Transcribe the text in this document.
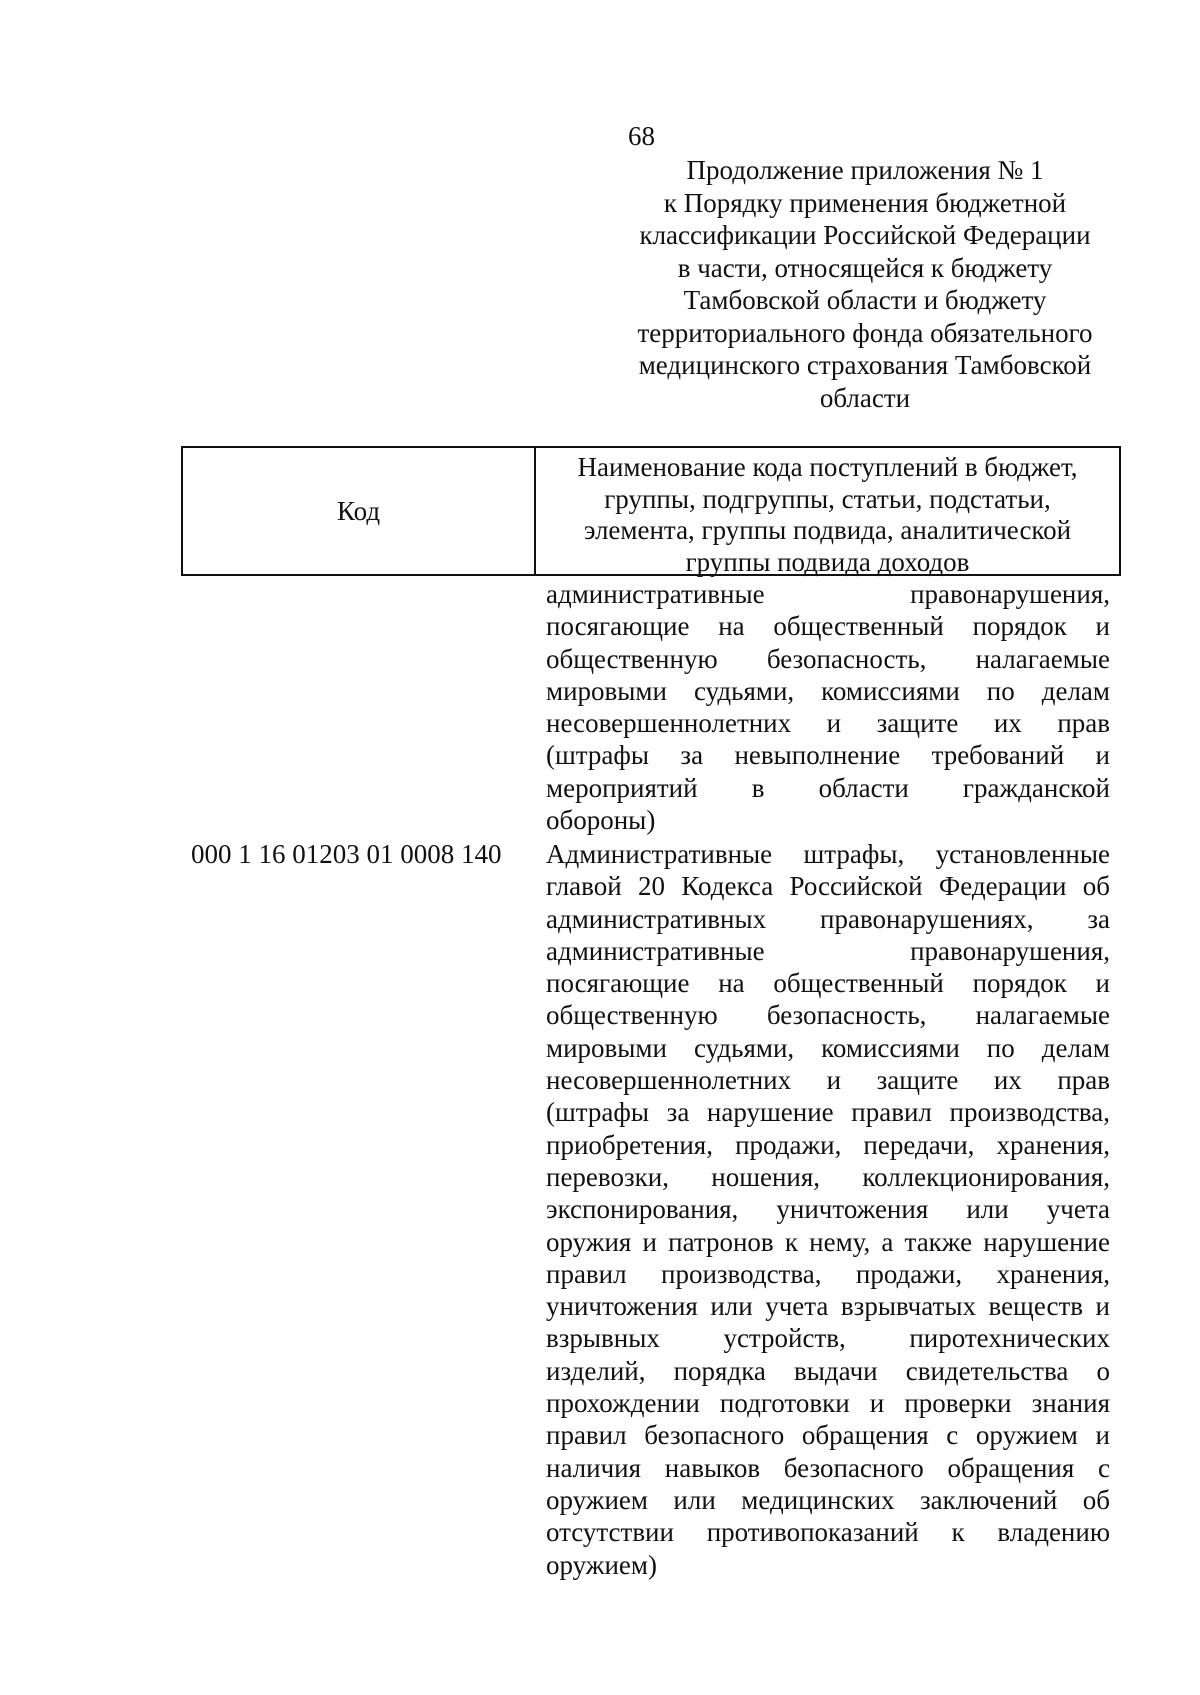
68
Продолжение приложения № 1
к Порядку применения бюджетной
классификации Российской Федерации
в части, относящейся к бюджету
Тамбовской области и бюджету
территориального фонда обязательного
медицинского страхования Тамбовской
области
Код
Наименование кода поступлений в бюджет,
группы, подгруппы, статьи, подстатьи,
элемента, группы подвида, аналитической
группы подвида доходов
административные правонарушения,
посягающие на общественный порядок и
общественную безопасность, налагаемые
мировыми судьями, комиссиями по делам
несовершеннолетних и защите их прав
(штрафы за невыполнение требований и
мероприятий в области гражданской
обороны)
000 1 16 01203 01 0008 140 Административные штрафы, установленные
главой 20 Кодекса Российской Федерации об
административных правонарушениях, за
административные правонарушения,
посягающие на общественный порядок и
общественную безопасность, налагаемые
мировыми судьями, комиссиями по делам
несовершеннолетних и защите их прав
(штрафы за нарушение правил производства,
приобретения, продажи, передачи, хранения,
перевозки, ношения, коллекционирования,
экспонирования, уничтожения или учета
оружия и патронов к нему, а также нарушение
правил производства, продажи, хранения,
уничтожения или учета взрывчатых веществ и
взрывных устройств, пиротехнических
изделий, порядка выдачи свидетельства о
прохождении подготовки и проверки знания
правил безопасного обращения с оружием и
наличия навыков безопасного обращения с
оружием или медицинских заключений об
отсутствии противопоказаний к владению
оружием)
